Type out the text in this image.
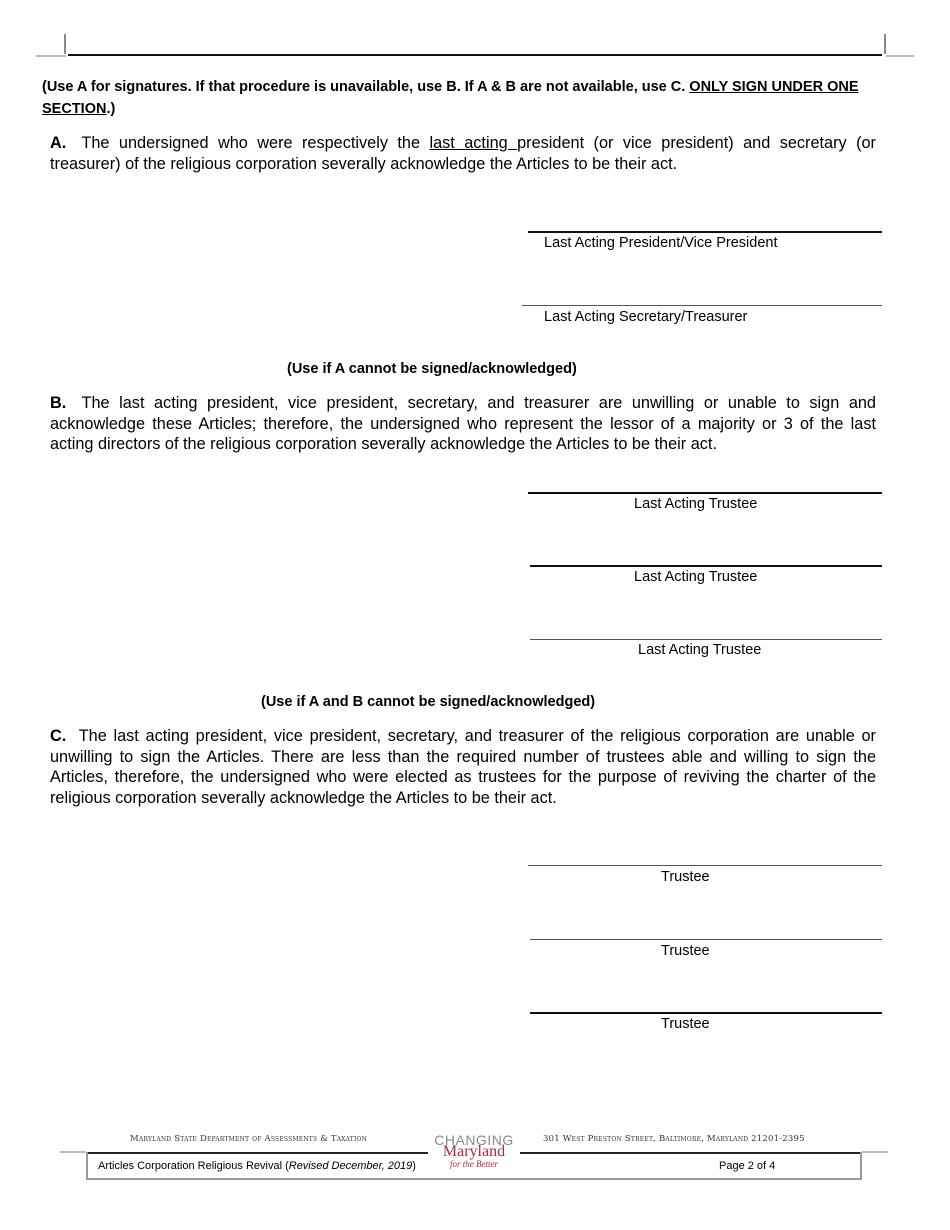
(Use A for signatures. If that procedure is unavailable, use B. If A & B are not available, use C. ONLY SIGN UNDER ONE
SECTION.)
A. The undersigned who were respectively the last acting president (or vice president) and secretary (or treasurer) of the religious corporation severally acknowledge the Articles to be their act.
Last Acting President/Vice President
Last Acting Secretary/Treasurer
(Use if A cannot be signed/acknowledged)
B. The last acting president, vice president, secretary, and treasurer are unwilling or unable to sign and acknowledge these Articles; therefore, the undersigned who represent the lessor of a majority or 3 of the last acting directors of the religious corporation severally acknowledge the Articles to be their act.
Last Acting Trustee
Last Acting Trustee
Last Acting Trustee
(Use if A and B cannot be signed/acknowledged)
C. The last acting president, vice president, secretary, and treasurer of the religious corporation are unable or unwilling to sign the Articles. There are less than the required number of trustees able and willing to sign the Articles, therefore, the undersigned who were elected as trustees for the purpose of reviving the charter of the religious corporation severally acknowledge the Articles to be their act.
Trustee
Trustee
Trustee
Maryland State Department of Assessments & Taxation	301 West Preston Street, Baltimore, Maryland 21201-2395
CHANGING
Maryland
for the Better
Articles Corporation Religious Revival (Revised December, 2019)	Page 2 of 4
